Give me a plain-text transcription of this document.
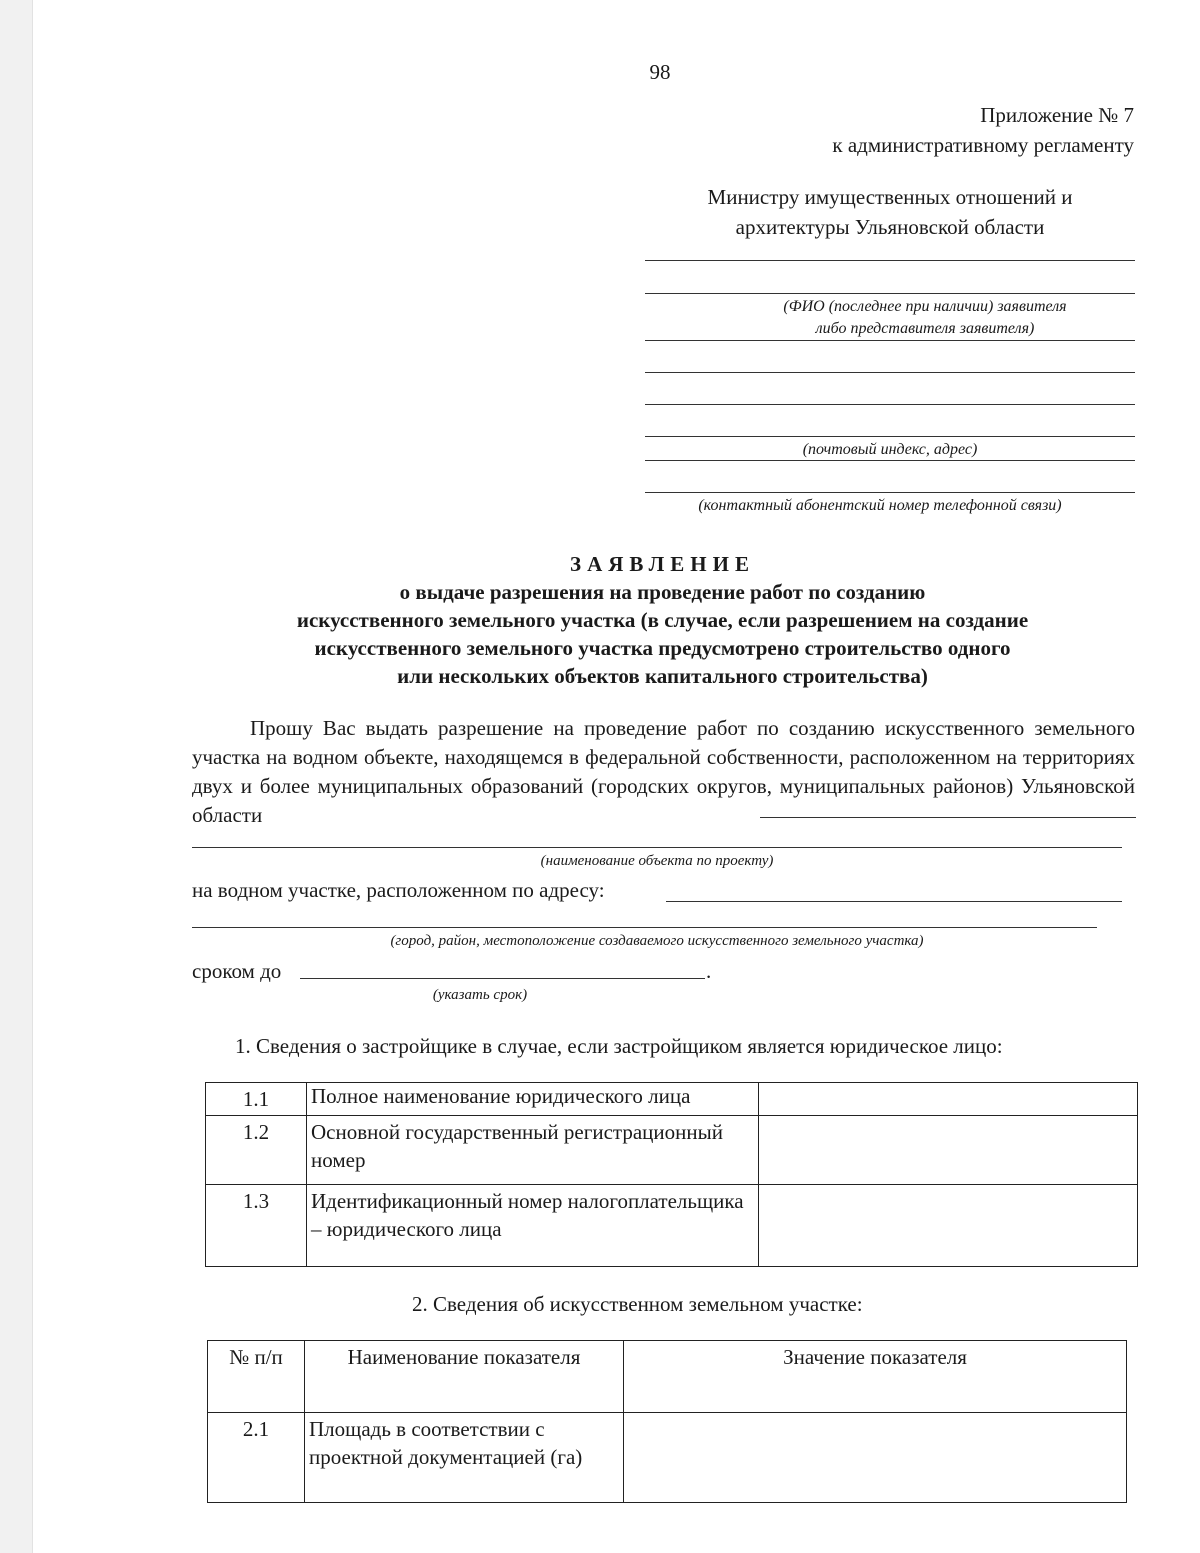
98
Приложение № 7
к административному регламенту
Министру имущественных отношений и
архитектуры Ульяновской области
(ФИО (последнее при наличии) заявителя
либо представителя заявителя)
(почтовый индекс, адрес)
(контактный абонентский номер телефонной связи)
ЗАЯВЛЕНИЕ
о выдаче разрешения на проведение работ по созданию
искусственного земельного участка (в случае, если разрешением на создание
искусственного земельного участка предусмотрено строительство одного
или нескольких объектов капитального строительства)
Прошу Вас выдать разрешение на проведение работ по созданию искусственного земельного участка на водном объекте, находящемся в федеральной собственности, расположенном на территориях двух и более муниципальных образований (городских округов, муниципальных районов) Ульяновской области
(наименование объекта по проекту)
на водном участке, расположенном по адресу:
(город, район, местоположение создаваемого искусственного земельного участка)
сроком до	.
(указать срок)
1. Сведения о застройщике в случае, если застройщиком является юридическое лицо:
1.1	Полное наименование юридического лица	
1.2	Основной государственный регистрационный номер	
1.3	Идентификационный номер налогоплательщика – юридического лица	
2. Сведения об искусственном земельном участке:
№ п/п	Наименование показателя	Значение показателя
2.1	Площадь в соответствии с проектной документацией (га)	
